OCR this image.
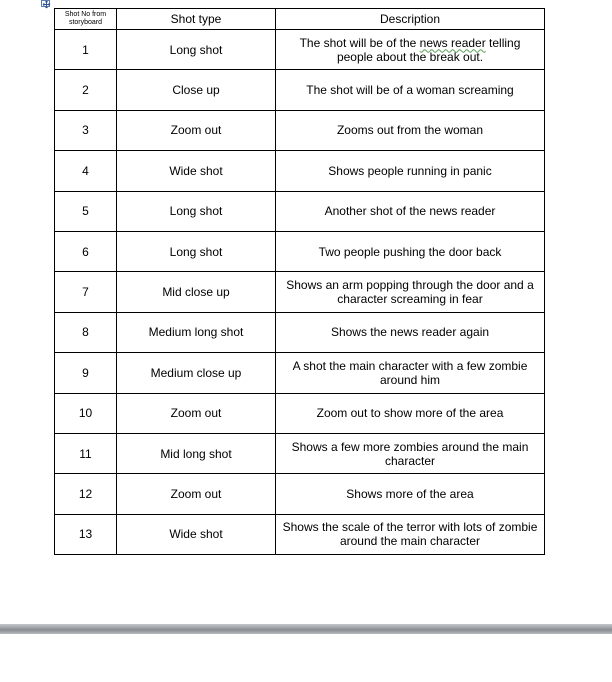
Shot No from storyboard	Shot type	Description
1	Long shot	The shot will be of the news reader telling people about the break out.
2	Close up	The shot will be of a woman screaming
3	Zoom out	Zooms out from the woman
4	Wide shot	Shows people running in panic
5	Long shot	Another shot of the news reader
6	Long shot	Two people pushing the door back
7	Mid close up	Shows an arm popping through the door and a character screaming in fear
8	Medium long shot	Shows the news reader again
9	Medium close up	A shot the main character with a few zombie around him
10	Zoom out	Zoom out to show more of the area
11	Mid long shot	Shows a few more zombies around the main character
12	Zoom out	Shows more of the area
13	Wide shot	Shows the scale of the terror with lots of zombie around the main character
